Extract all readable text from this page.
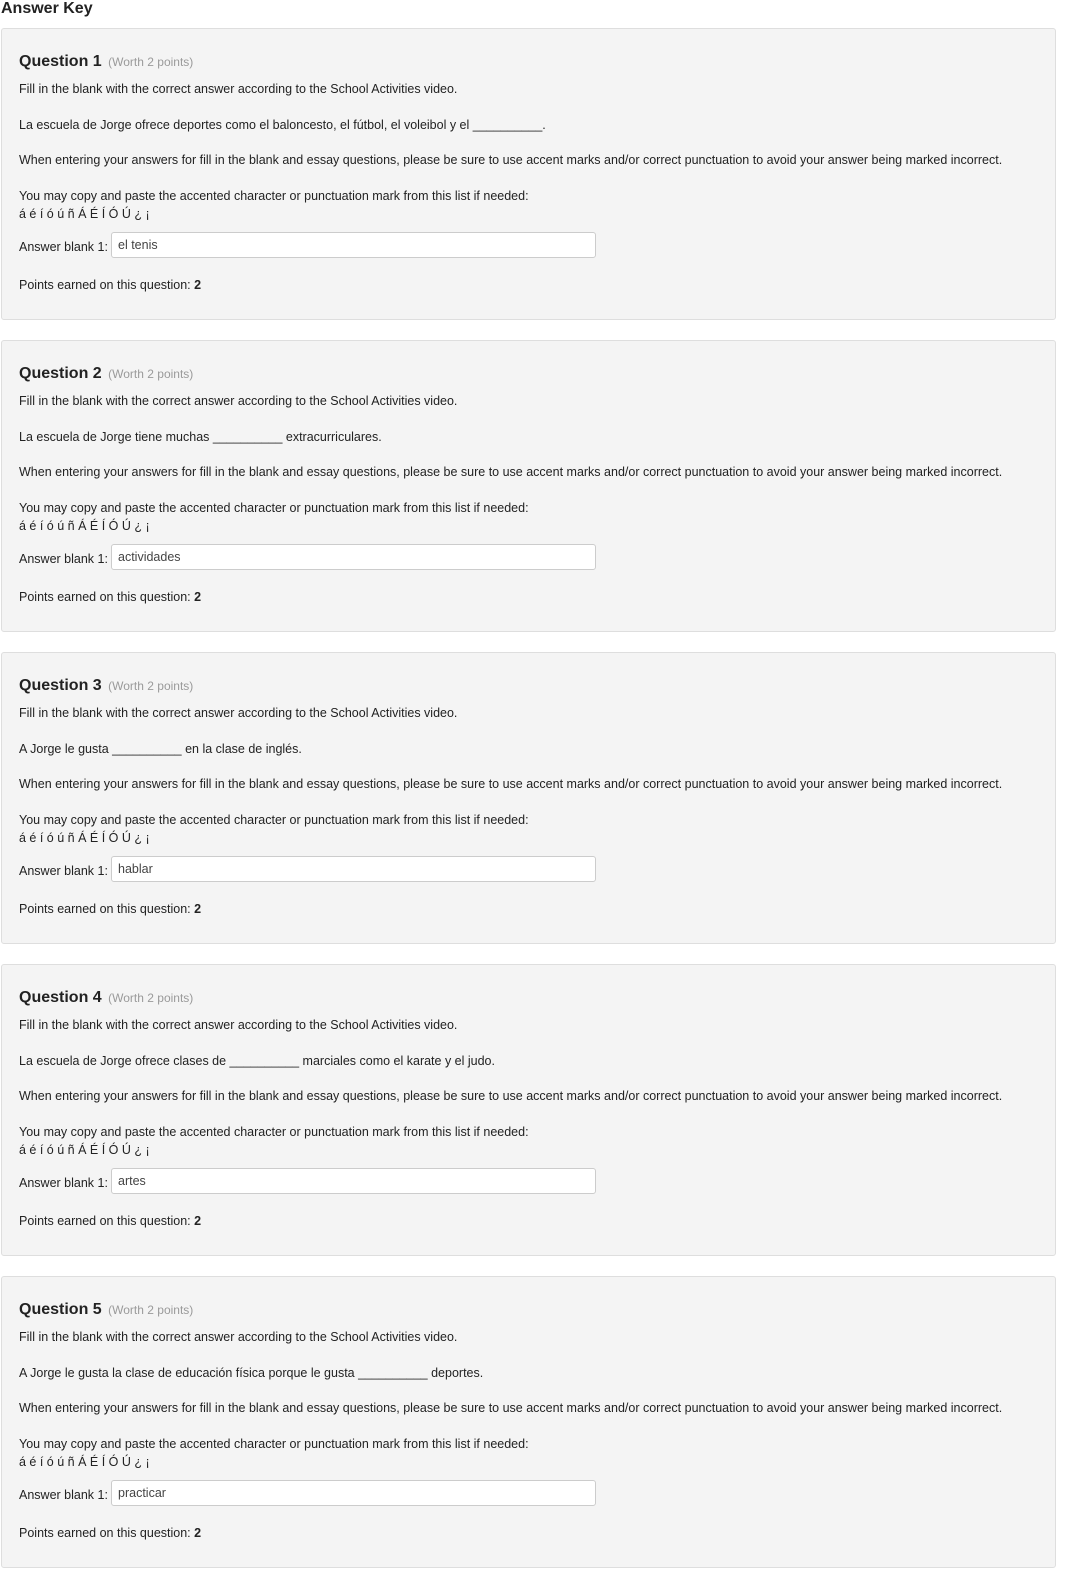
Answer Key
Question 1 (Worth 2 points)
Fill in the blank with the correct answer according to the School Activities video.
La escuela de Jorge ofrece deportes como el baloncesto, el fútbol, el voleibol y el __________.
When entering your answers for fill in the blank and essay questions, please be sure to use accent marks and/or correct punctuation to avoid your answer being marked incorrect.
You may copy and paste the accented character or punctuation mark from this list if needed:
á é í ó ú ñ Á É Í Ó Ú ¿ ¡
Answer blank 1: el tenis
Points earned on this question: 2
Question 2 (Worth 2 points)
Fill in the blank with the correct answer according to the School Activities video.
La escuela de Jorge tiene muchas __________ extracurriculares.
When entering your answers for fill in the blank and essay questions, please be sure to use accent marks and/or correct punctuation to avoid your answer being marked incorrect.
You may copy and paste the accented character or punctuation mark from this list if needed:
á é í ó ú ñ Á É Í Ó Ú ¿ ¡
Answer blank 1: actividades
Points earned on this question: 2
Question 3 (Worth 2 points)
Fill in the blank with the correct answer according to the School Activities video.
A Jorge le gusta __________ en la clase de inglés.
When entering your answers for fill in the blank and essay questions, please be sure to use accent marks and/or correct punctuation to avoid your answer being marked incorrect.
You may copy and paste the accented character or punctuation mark from this list if needed:
á é í ó ú ñ Á É Í Ó Ú ¿ ¡
Answer blank 1: hablar
Points earned on this question: 2
Question 4 (Worth 2 points)
Fill in the blank with the correct answer according to the School Activities video.
La escuela de Jorge ofrece clases de __________ marciales como el karate y el judo.
When entering your answers for fill in the blank and essay questions, please be sure to use accent marks and/or correct punctuation to avoid your answer being marked incorrect.
You may copy and paste the accented character or punctuation mark from this list if needed:
á é í ó ú ñ Á É Í Ó Ú ¿ ¡
Answer blank 1: artes
Points earned on this question: 2
Question 5 (Worth 2 points)
Fill in the blank with the correct answer according to the School Activities video.
A Jorge le gusta la clase de educación física porque le gusta __________ deportes.
When entering your answers for fill in the blank and essay questions, please be sure to use accent marks and/or correct punctuation to avoid your answer being marked incorrect.
You may copy and paste the accented character or punctuation mark from this list if needed:
á é í ó ú ñ Á É Í Ó Ú ¿ ¡
Answer blank 1: practicar
Points earned on this question: 2
